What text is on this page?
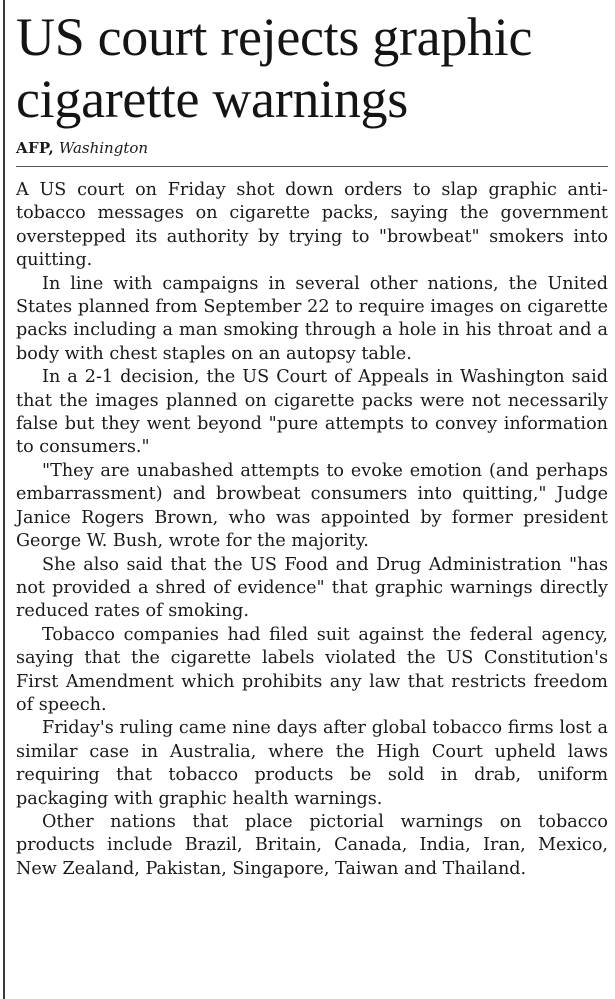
US court rejects graphic cigarette warnings
AFP, Washington

A US court on Friday shot down orders to slap graphic anti-tobacco messages on cigarette packs, saying the government overstepped its authority by trying to "browbeat" smokers into quitting.

In line with campaigns in several other nations, the United States planned from September 22 to require images on cigarette packs including a man smoking through a hole in his throat and a body with chest staples on an autopsy table.

In a 2-1 decision, the US Court of Appeals in Washington said that the images planned on cigarette packs were not necessarily false but they went beyond "pure attempts to convey information to consumers."

"They are unabashed attempts to evoke emotion (and perhaps embarrassment) and browbeat consumers into quitting," Judge Janice Rogers Brown, who was appointed by former president George W. Bush, wrote for the majority.

She also said that the US Food and Drug Administration "has not provided a shred of evidence" that graphic warnings directly reduced rates of smoking.

Tobacco companies had filed suit against the federal agency, saying that the cigarette labels violated the US Constitution's First Amendment which prohibits any law that restricts freedom of speech.

Friday's ruling came nine days after global tobacco firms lost a similar case in Australia, where the High Court upheld laws requiring that tobacco products be sold in drab, uniform packaging with graphic health warnings.

Other nations that place pictorial warnings on tobacco products include Brazil, Britain, Canada, India, Iran, Mexico, New Zealand, Pakistan, Singapore, Taiwan and Thailand.
